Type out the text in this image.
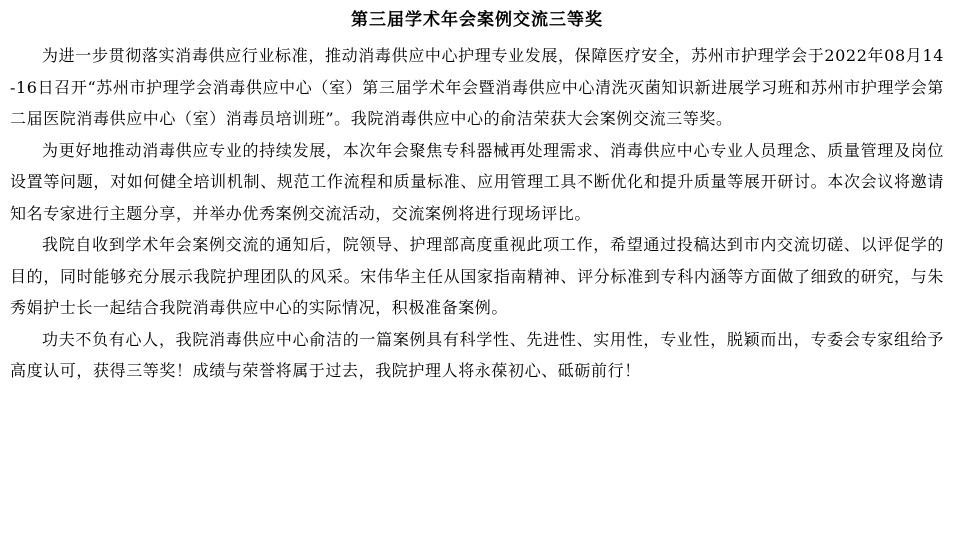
第三届学术年会案例交流三等奖

为进一步贯彻落实消毒供应行业标准，推动消毒供应中心护理专业发展，保障医疗安全，苏州市护理学会于2022年08月14-16日召开“苏州市护理学会消毒供应中心（室）第三届学术年会暨消毒供应中心清洗灭菌知识新进展学习班和苏州市护理学会第二届医院消毒供应中心（室）消毒员培训班”。我院消毒供应中心的俞洁荣获大会案例交流三等奖。

为更好地推动消毒供应专业的持续发展，本次年会聚焦专科器械再处理需求、消毒供应中心专业人员理念、质量管理及岗位设置等问题，对如何健全培训机制、规范工作流程和质量标准、应用管理工具不断优化和提升质量等展开研讨。本次会议将邀请知名专家进行主题分享，并举办优秀案例交流活动，交流案例将进行现场评比。

我院自收到学术年会案例交流的通知后，院领导、护理部高度重视此项工作，希望通过投稿达到市内交流切磋、以评促学的目的，同时能够充分展示我院护理团队的风采。宋伟华主任从国家指南精神、评分标准到专科内涵等方面做了细致的研究，与朱秀娟护士长一起结合我院消毒供应中心的实际情况，积极准备案例。

功夫不负有心人，我院消毒供应中心俞洁的一篇案例具有科学性、先进性、实用性，专业性，脱颖而出，专委会专家组给予高度认可，获得三等奖！成绩与荣誉将属于过去，我院护理人将永葆初心、砥砺前行！
